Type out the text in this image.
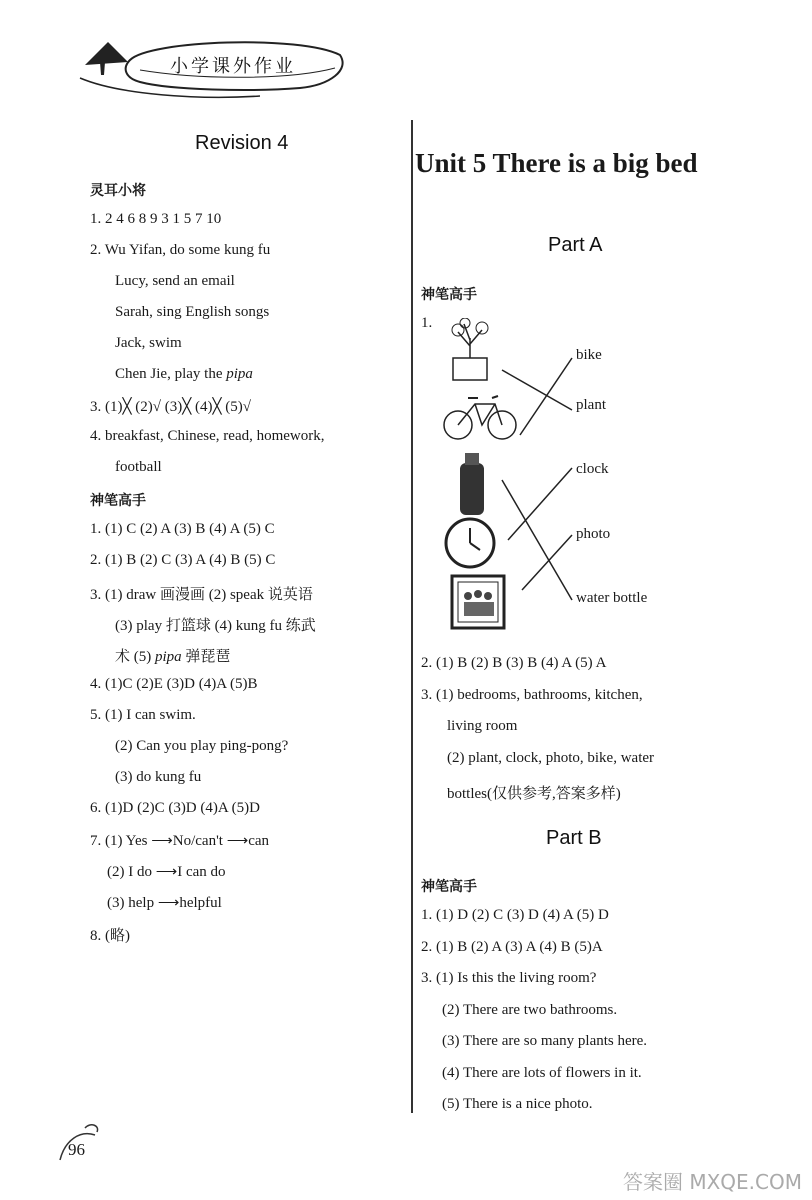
小学课外作业
Revision 4
灵耳小将
1. 2 4 6 8 9 3 1 5 7 10
2. Wu Yifan, do some kung fu
Lucy, send an email
Sarah, sing English songs
Jack, swim
Chen Jie, play the pipa
3. (1)╳ (2)√ (3)╳ (4)╳ (5)√
4. breakfast, Chinese, read, homework,
football
神笔高手
1. (1) C (2) A (3) B (4) A (5) C
2. (1) B (2) C (3) A (4) B (5) C
3. (1) draw 画漫画 (2) speak 说英语
(3) play 打篮球 (4) kung fu 练武
术 (5) pipa 弹琵琶
4. (1)C (2)E (3)D (4)A (5)B
5. (1) I can swim.
(2) Can you play ping-pong?
(3) do kung fu
6. (1)D (2)C (3)D (4)A (5)D
7. (1) Yes ⟶No/can't ⟶can
(2) I do ⟶I can do
(3) help ⟶helpful
8. (略)
Unit 5 There is a big bed
Part A
神笔高手
1.
bike
plant
clock
photo
water bottle
2. (1) B (2) B (3) B (4) A (5) A
3. (1) bedrooms, bathrooms, kitchen,
living room
(2) plant, clock, photo, bike, water
bottles(仅供参考,答案多样)
Part B
神笔高手
1. (1) D (2) C (3) D (4) A (5) D
2. (1) B (2) A (3) A (4) B (5)A
3. (1) Is this the living room?
(2) There are two bathrooms.
(3) There are so many plants here.
(4) There are lots of flowers in it.
(5) There is a nice photo.
96
答案圈 MXQE.COM
